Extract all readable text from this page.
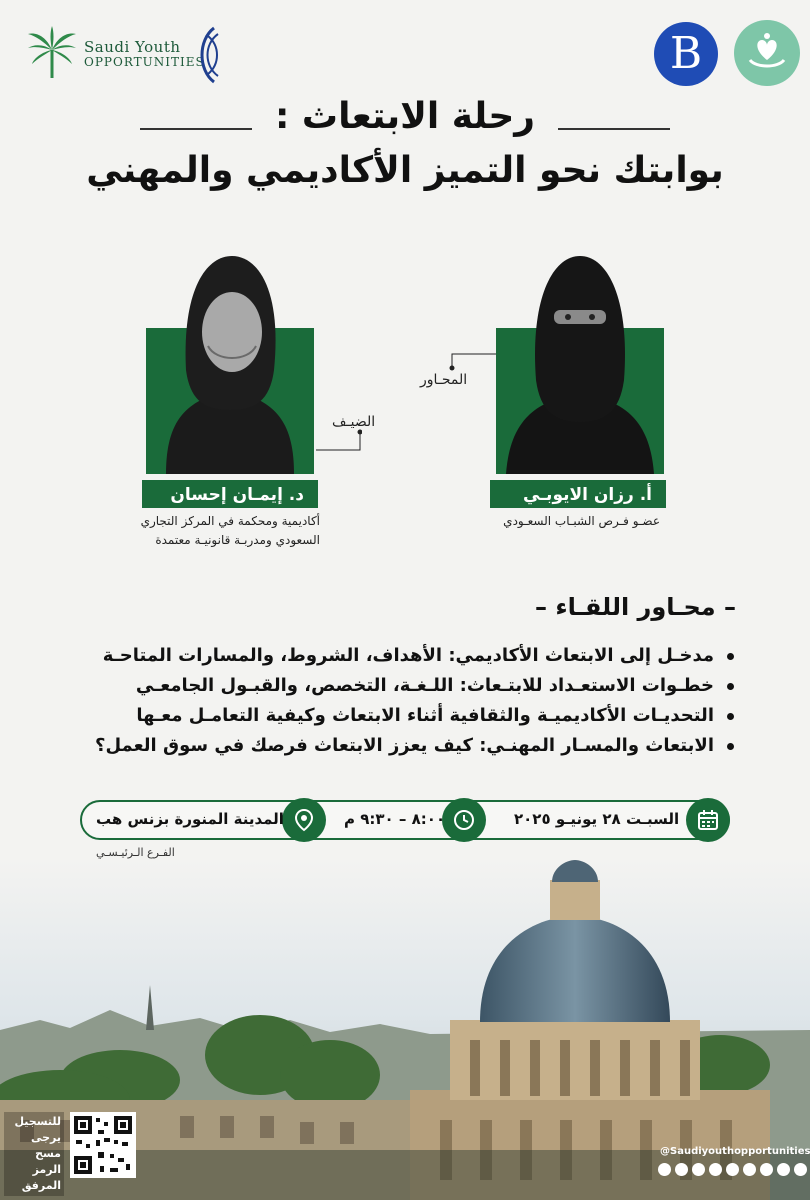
Saudi Youth
OPPORTUNITIES	B
رحلة الابتعاث :
بوابتك نحو التميز الأكاديمي والمهني
د. إيمـان إحسان
الضيـف
أكاديمية ومحكمة في المركز التجاري
السعودي ومدربـة قانونيـة معتمدة
أ. رزان الايوبـي
المحـاور
عضـو فـرص الشبـاب السعـودي
– محـاور اللقـاء –
مدخـل إلى الابتعاث الأكاديمي: الأهداف، الشروط، والمسارات المتاحـة
خطـوات الاستعـداد للابتـعاث: اللـغـة، التخصص، والقبـول الجامعـي
التحديـات الأكاديميـة والثقافية أثناء الابتعاث وكيفية التعامـل معـها
الابتعاث والمسـار المهنـي: كيف يعزز الابتعاث فرصك في سوق العمل؟
السبـت ٢٨ يونيـو ٢٠٢٥
٨:٠٠ – ٩:٣٠ م
المدينة المنورة بزنس هب
الفـرع الـرئيـسـي
للتسجيل
يرجى
مسح الرمز
المرفق
@Saudiyouthopportunities
